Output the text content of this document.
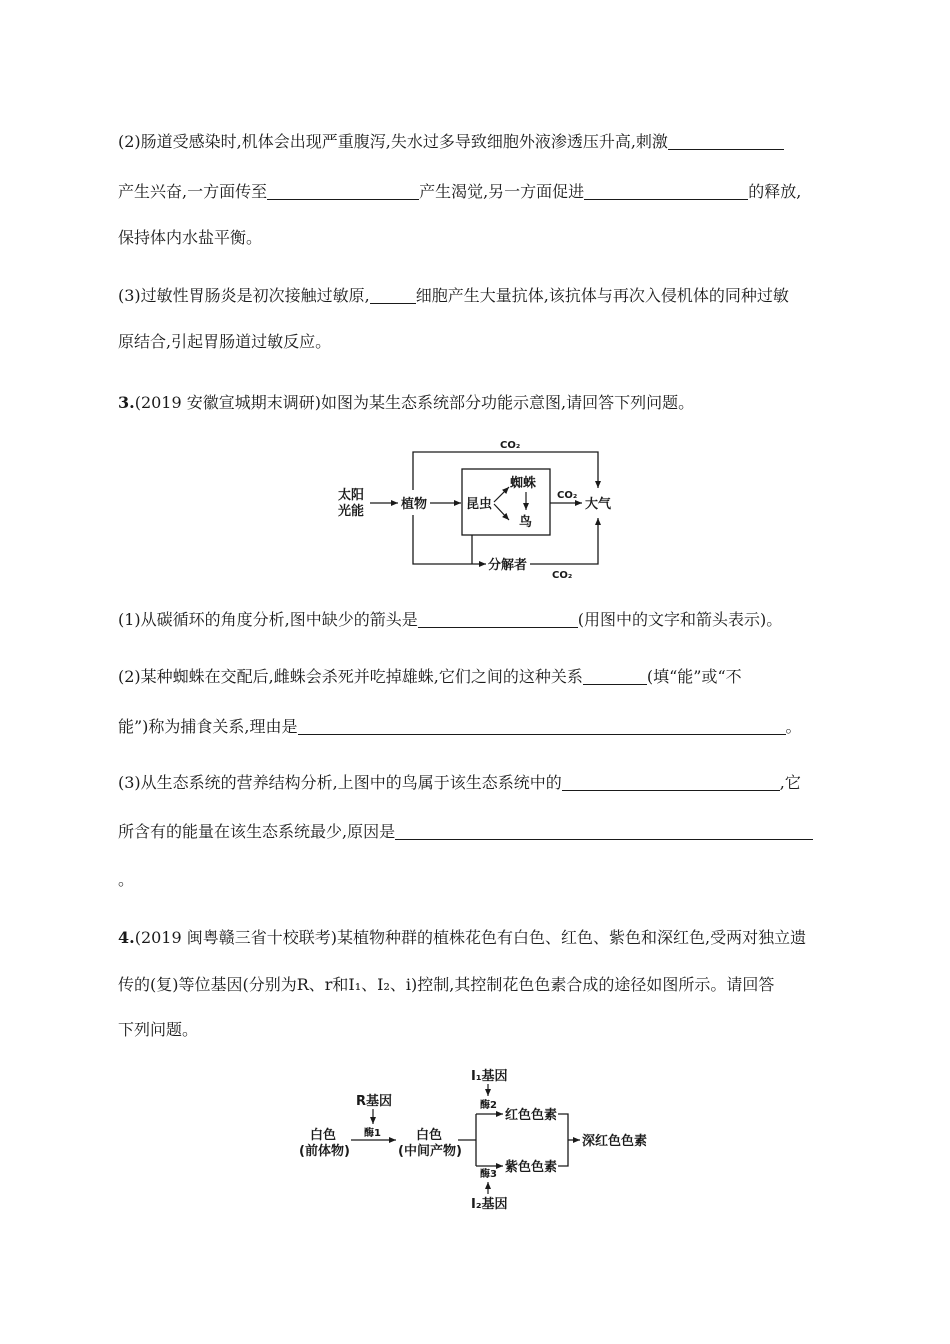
(2)肠道受感染时,机体会出现严重腹泻,失水过多导致细胞外液渗透压升高,刺激
产生兴奋,一方面传至	产生渴觉,另一方面促进	的释放,
保持体内水盐平衡。
(3)过敏性胃肠炎是初次接触过敏原,	细胞产生大量抗体,该抗体与再次入侵机体的同种过敏
原结合,引起胃肠道过敏反应。
3.(2019 安徽宣城期末调研)如图为某生态系统部分功能示意图,请回答下列问题。
太阳
光能	植物	昆虫
蜘蛛
鸟
CO₂
大气
CO₂
分解者
CO₂
(1)从碳循环的角度分析,图中缺少的箭头是	(用图中的文字和箭头表示)。
(2)某种蜘蛛在交配后,雌蛛会杀死并吃掉雄蛛,它们之间的这种关系	(填“能”或“不
能”)称为捕食关系,理由是	。
(3)从生态系统的营养结构分析,上图中的鸟属于该生态系统中的	,它
所含有的能量在该生态系统最少,原因是
。
4.(2019 闽粤赣三省十校联考)某植物种群的植株花色有白色、红色、紫色和深红色,受两对独立遗
传的(复)等位基因(分别为R、r和I₁、I₂、i)控制,其控制花色色素合成的途径如图所示。请回答
下列问题。
白色
(前体物)
R基因
酶1	白色
(中间产物)
I₁基因
酶2
红色色素
紫色色素
酶3
I₂基因
深红色色素
